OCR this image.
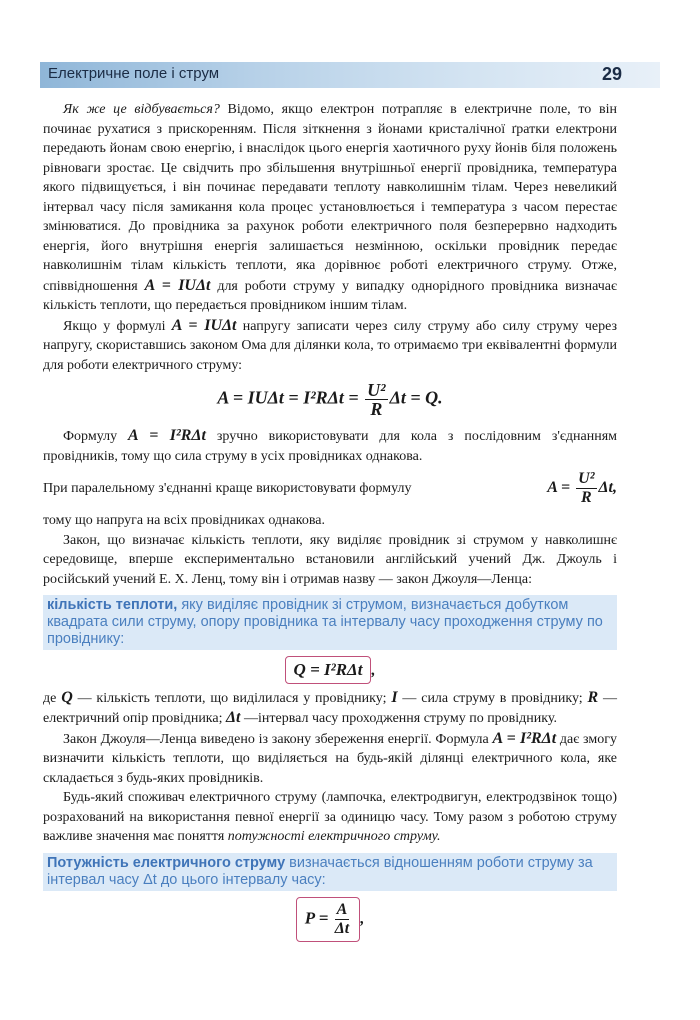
Електричне поле і струм	29

Як же це відбувається? Відомо, якщо електрон потрапляє в електричне поле, то він починає рухатися з прискоренням. Після зіткнення з йонами кристалічної ґратки електрони передають йонам свою енергію, і внаслідок цього енергія хаотичного руху йонів біля положень рівноваги зростає. Це свідчить про збільшення внутрішньої енергії провідника, температура якого підвищується, і він починає передавати теплоту навколишнім тілам. Через невеликий інтервал часу після замикання кола процес установлюється і температура з часом перестає змінюватися. До провідника за рахунок роботи електричного поля безперервно надходить енергія, його внутрішня енергія залишається незмінною, оскільки провідник передає навколишнім тілам кількість теплоти, яка дорівнює роботі електричного струму. Отже, співвідношення A = IUΔt для роботи струму у випадку однорідного провідника визначає кількість теплоти, що передається провідником іншим тілам.

Якщо у формулі A = IUΔt напругу записати через силу струму або силу струму через напругу, скориставшись законом Ома для ділянки кола, то отримаємо три еквівалентні формули для роботи електричного струму:

$A = IU\Delta t = I^2R\Delta t = \frac{\text{U²}}{R}$ Δt = Q.

Формулу A = I²RΔt зручно використовувати для кола з послідовним з'єднанням провідників, тому що сила струму в усіх провідниках однакова.

При паралельному з'єднанні краще використовувати формулу	$A = \frac{\text{U²}}{R} \Delta t$,

тому що напруга на всіх провідниках однакова.

Закон, що визначає кількість теплоти, яку виділяє провідник зі струмом у навколишнє середовище, вперше експериментально встановили англійський учений Дж. Джоуль і російський учений Е. Х. Ленц, тому він і отримав назву — закон Джоуля—Ленца:

кількість теплоти, яку виділяє провідник зі струмом, визначається добутком квадрата сили струму, опору провідника та інтервалу часу проходження струму по провіднику:
Q = I²RΔt ,

де Q — кількість теплоти, що виділилася у провіднику; I — сила струму в провіднику; R — електричний опір провідника; Δt —інтервал часу проходження струму по провіднику.

Закон Джоуля—Ленца виведено із закону збереження енергії. Формула A = I²RΔt дає змогу визначити кількість теплоти, що виділяється на будь-якій ділянці електричного кола, яке складається з будь-яких провідників.

Будь-який споживач електричного струму (лампочка, електродвигун, електродзвінок тощо) розрахований на використання певної енергії за одиницю часу. Тому разом з роботою струму важливе значення має поняття потужності електричного струму.

Потужність електричного струму визначається відношенням роботи струму за інтервал часу Δt до цього інтервалу часу:
$P = \frac{A}{\Delta t}$ ,
